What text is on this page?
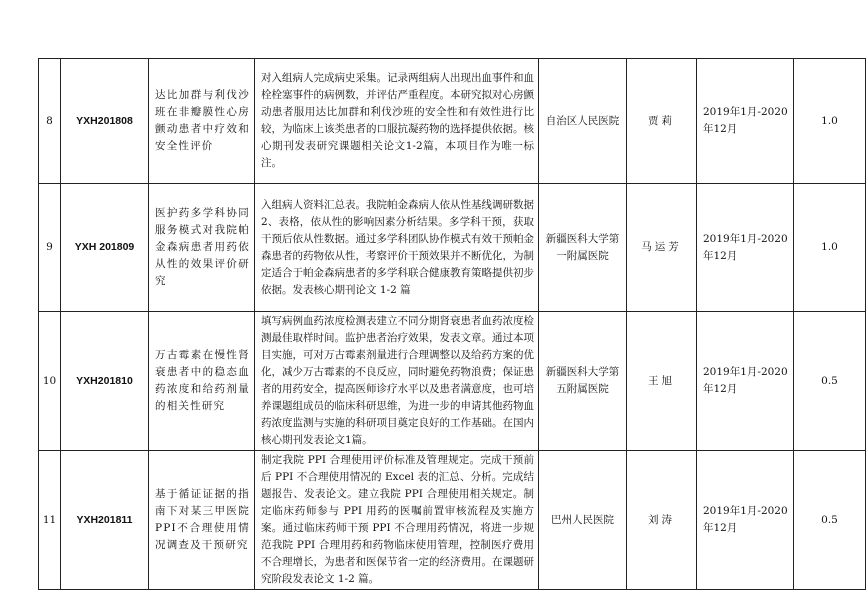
8	YXH201808	达比加群与利伐沙班在非瓣膜性心房颤动患者中疗效和安全性评价	对入组病人完成病史采集。记录两组病人出现出血事件和血栓栓塞事件的病例数，并评估严重程度。本研究拟对心房颤动患者服用达比加群和利伐沙班的安全性和有效性进行比较，为临床上该类患者的口服抗凝药物的选择提供依据。核心期刊发表研究课题相关论文1-2篇，本项目作为唯一标注。	自治区人民医院	贾莉	2019年1月-2020年12月	1.0
9	YXH 201809	医护药多学科协同服务模式对我院帕金森病患者用药依从性的效果评价研究	入组病人资料汇总表。我院帕金森病人依从性基线调研数据 2、表格，依从性的影响因素分析结果。多学科干预，获取干预后依从性数据。通过多学科团队协作模式有效干预帕金森患者的药物依从性，考察评价干预效果并不断优化，为制定适合于帕金森病患者的多学科联合健康教育策略提供初步依据。发表核心期刊论文 1-2 篇	新疆医科大学第一附属医院	马运芳	2019年1月-2020年12月	1.0
10	YXH201810	万古霉素在慢性肾衰患者中的稳态血药浓度和给药剂量的相关性研究	填写病例血药浓度检测表建立不同分期肾衰患者血药浓度检测最佳取样时间。监护患者治疗效果，发表文章。通过本项目实施，可对万古霉素剂量进行合理调整以及给药方案的优化，减少万古霉素的不良反应，同时避免药物浪费；保证患者的用药安全，提高医师诊疗水平以及患者满意度，也可培养课题组成员的临床科研思维，为进一步的申请其他药物血药浓度监测与实施的科研项目奠定良好的工作基础。在国内核心期刊发表论文1篇。	新疆医科大学第五附属医院	王旭	2019年1月-2020年12月	0.5
11	YXH201811	基于循证证据的指南下对某三甲医院PPI不合理使用情况调查及干预研究	制定我院 PPI 合理使用评价标准及管理规定。完成干预前后 PPI 不合理使用情况的 Excel 表的汇总、分析。完成结题报告、发表论文。建立我院 PPI 合理使用相关规定。制定临床药师参与 PPI 用药的医嘱前置审核流程及实施方案。通过临床药师干预 PPI 不合理用药情况，将进一步规范我院 PPI 合理用药和药物临床使用管理，控制医疗费用不合理增长，为患者和医保节省一定的经济费用。在课题研究阶段发表论文 1-2 篇。	巴州人民医院	刘涛	2019年1月-2020年12月	0.5
